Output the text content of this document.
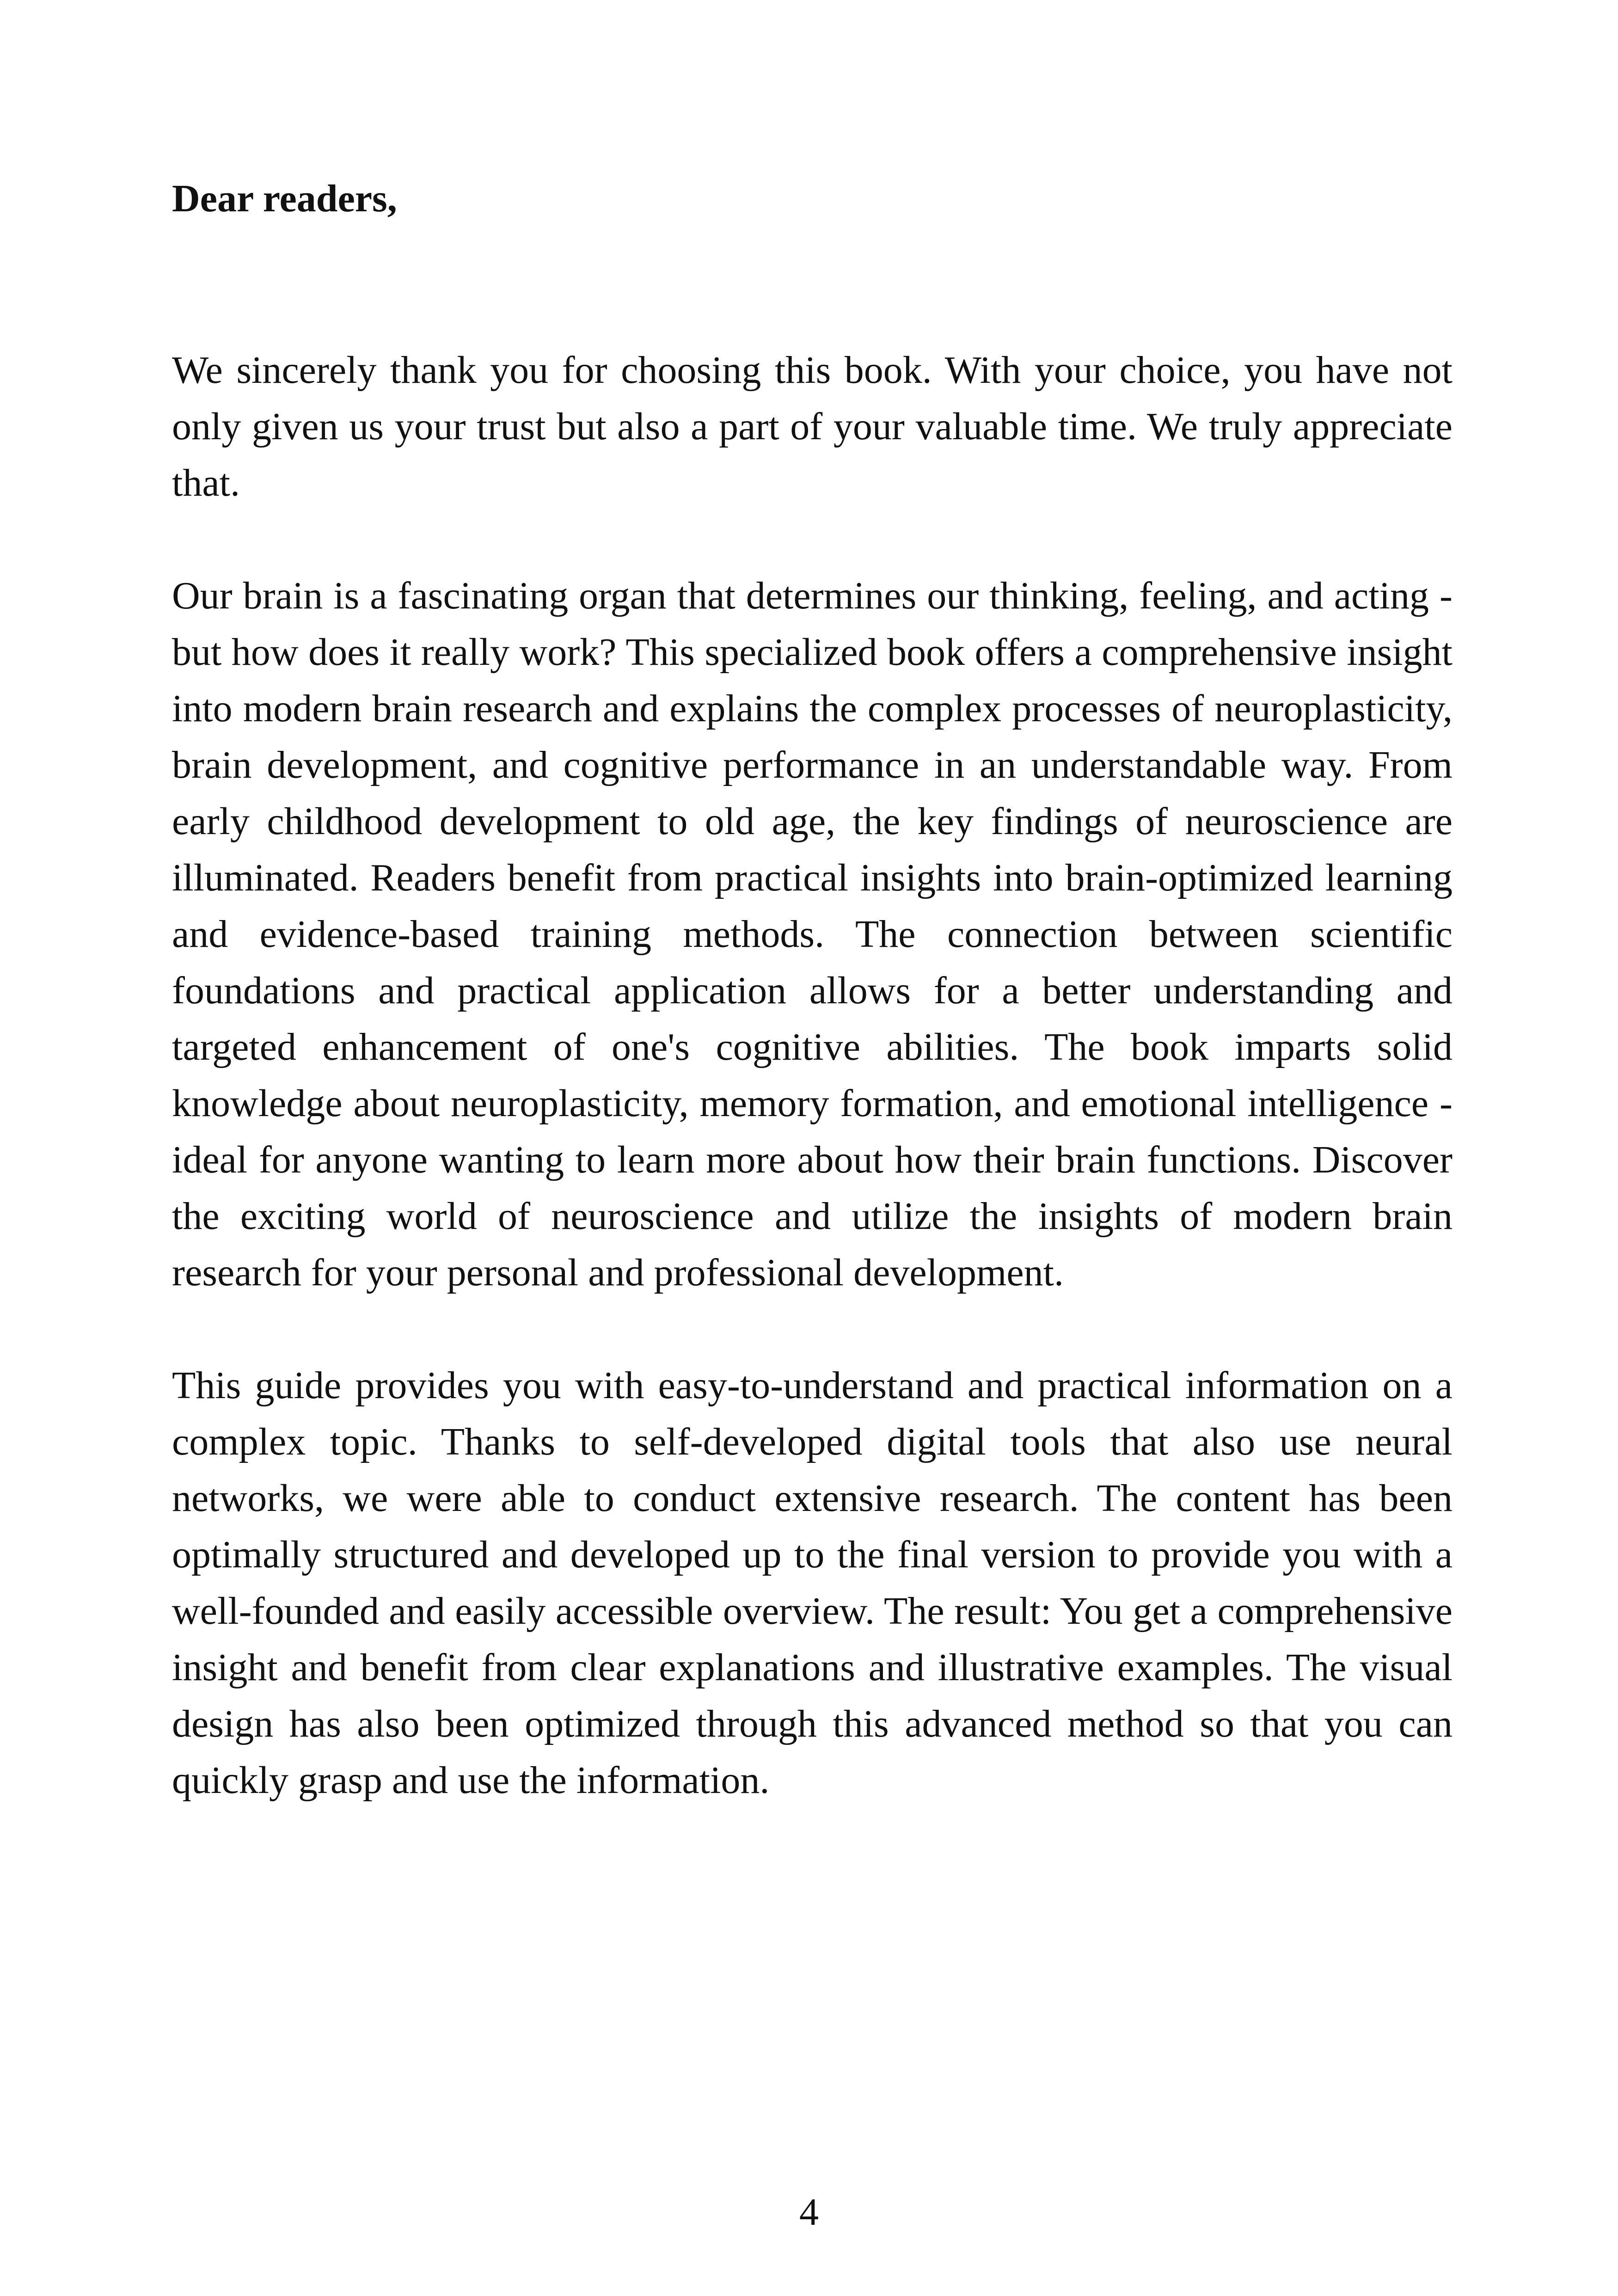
Dear readers,

We sincerely thank you for choosing this book. With your choice, you have not only given us your trust but also a part of your valuable time. We truly appreciate that.

Our brain is a fascinating organ that determines our thinking, feeling, and acting - but how does it really work? This specialized book offers a comprehensive insight into modern brain research and explains the complex processes of neuroplasticity, brain development, and cognitive performance in an understandable way. From early childhood development to old age, the key findings of neuroscience are illuminated. Readers benefit from practical insights into brain-optimized learning and evidence-based training methods. The connection between scientific foundations and practical application allows for a better understanding and targeted enhancement of one's cognitive abilities. The book imparts solid knowledge about neuroplasticity, memory formation, and emotional intelligence - ideal for anyone wanting to learn more about how their brain functions. Discover the exciting world of neuroscience and utilize the insights of modern brain research for your personal and professional development.

This guide provides you with easy-to-understand and practical information on a complex topic. Thanks to self-developed digital tools that also use neural networks, we were able to conduct extensive research. The content has been optimally structured and developed up to the final version to provide you with a well-founded and easily accessible overview. The result: You get a comprehensive insight and benefit from clear explanations and illustrative examples. The visual design has also been optimized through this advanced method so that you can quickly grasp and use the information.

4
